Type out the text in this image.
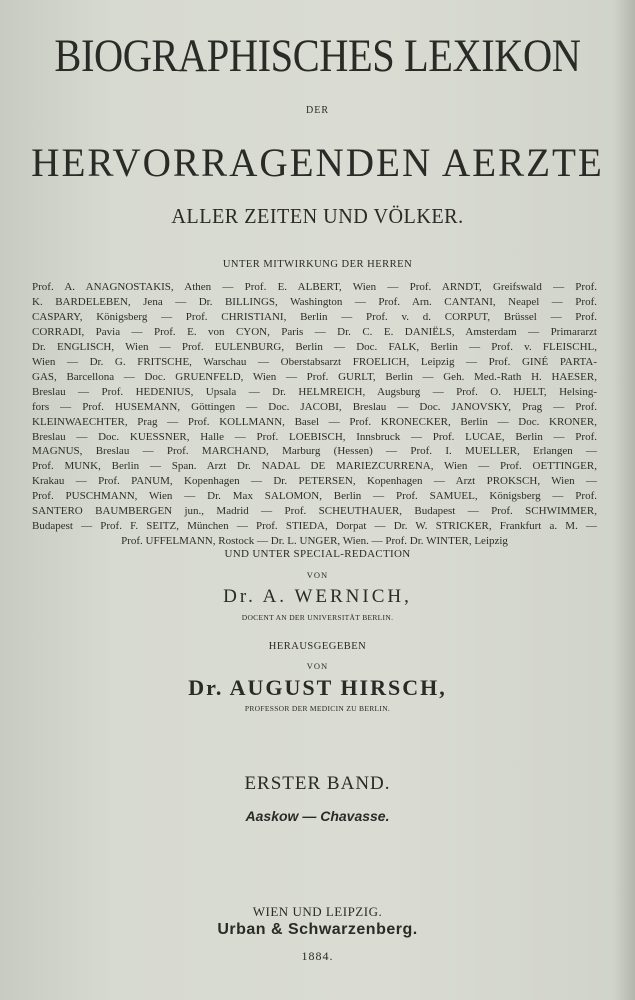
BIOGRAPHISCHES LEXIKON
DER
HERVORRAGENDEN AERZTE
ALLER ZEITEN UND VÖLKER.
UNTER MITWIRKUNG DER HERREN
Prof. A. ANAGNOSTAKIS, Athen — Prof. E. ALBERT, Wien — Prof. ARNDT, Greifswald — Prof.
K. BARDELEBEN, Jena — Dr. BILLINGS, Washington — Prof. Arn. CANTANI, Neapel — Prof.
CASPARY, Königsberg — Prof. CHRISTIANI, Berlin — Prof. v. d. CORPUT, Brüssel — Prof.
CORRADI, Pavia — Prof. E. von CYON, Paris — Dr. C. E. DANIËLS, Amsterdam — Primararzt
Dr. ENGLISCH, Wien — Prof. EULENBURG, Berlin — Doc. FALK, Berlin — Prof. v. FLEISCHL,
Wien — Dr. G. FRITSCHE, Warschau — Oberstabsarzt FROELICH, Leipzig — Prof. GINÉ PARTA-
GAS, Barcellona — Doc. GRUENFELD, Wien — Prof. GURLT, Berlin — Geh. Med.-Rath H. HAESER,
Breslau — Prof. HEDENIUS, Upsala — Dr. HELMREICH, Augsburg — Prof. O. HJELT, Helsing-
fors — Prof. HUSEMANN, Göttingen — Doc. JACOBI, Breslau — Doc. JANOVSKY, Prag — Prof.
KLEINWAECHTER, Prag — Prof. KOLLMANN, Basel — Prof. KRONECKER, Berlin — Doc. KRONER,
Breslau — Doc. KUESSNER, Halle — Prof. LOEBISCH, Innsbruck — Prof. LUCAE, Berlin — Prof.
MAGNUS, Breslau — Prof. MARCHAND, Marburg (Hessen) — Prof. I. MUELLER, Erlangen —
Prof. MUNK, Berlin — Span. Arzt Dr. NADAL DE MARIEZCURRENA, Wien — Prof. OETTINGER,
Krakau — Prof. PANUM, Kopenhagen — Dr. PETERSEN, Kopenhagen — Arzt PROKSCH, Wien —
Prof. PUSCHMANN, Wien — Dr. Max SALOMON, Berlin — Prof. SAMUEL, Königsberg — Prof.
SANTERO BAUMBERGEN jun., Madrid — Prof. SCHEUTHAUER, Budapest — Prof. SCHWIMMER,
Budapest — Prof. F. SEITZ, München — Prof. STIEDA, Dorpat — Dr. W. STRICKER, Frankfurt a. M. —
Prof. UFFELMANN, Rostock — Dr. L. UNGER, Wien. — Prof. Dr. WINTER, Leipzig
UND UNTER SPECIAL-REDACTION
VON
Dr. A. WERNICH,
DOCENT AN DER UNIVERSITÄT BERLIN.
HERAUSGEGEBEN
VON
Dr. AUGUST HIRSCH,
PROFESSOR DER MEDICIN ZU BERLIN.
ERSTER BAND.
Aaskow — Chavasse.
WIEN UND LEIPZIG.
Urban & Schwarzenberg.
1884.
